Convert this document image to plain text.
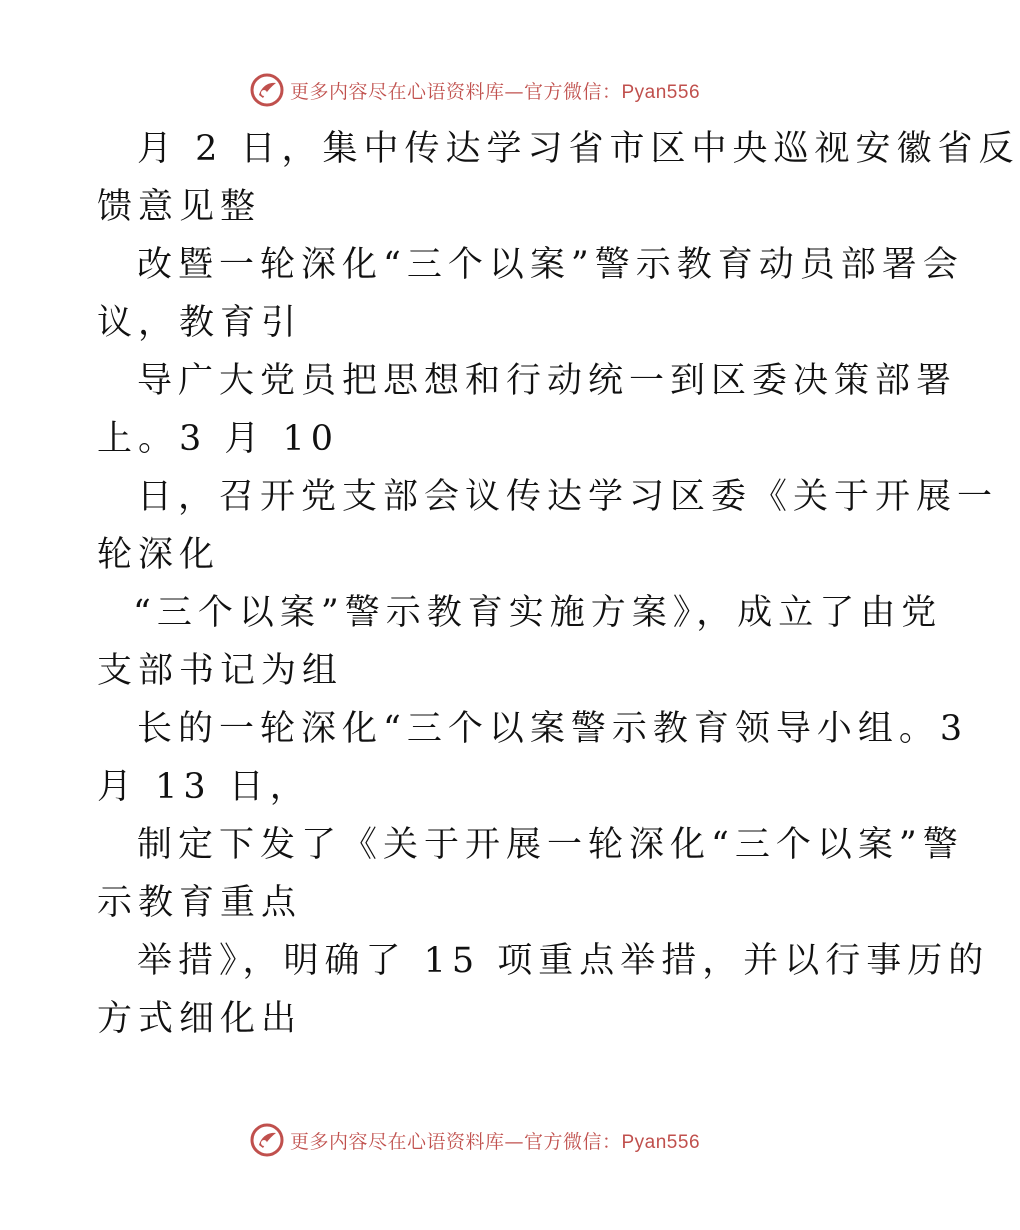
更多内容尽在心语资料库—官方微信：Pyan556
月 2 日，集中传达学习省市区中央巡视安徽省反
馈意见整
改暨一轮深化“三个以案”警示教育动员部署会
议，教育引
导广大党员把思想和行动统一到区委决策部署
上。3 月 10
日，召开党支部会议传达学习区委《关于开展一
轮深化
“三个以案”警示教育实施方案》，成立了由党
支部书记为组
长的一轮深化“三个以案警示教育领导小组。3
月 13 日，
制定下发了《关于开展一轮深化“三个以案”警
示教育重点
举措》，明确了 15 项重点举措，并以行事历的
方式细化出
更多内容尽在心语资料库—官方微信：Pyan556
